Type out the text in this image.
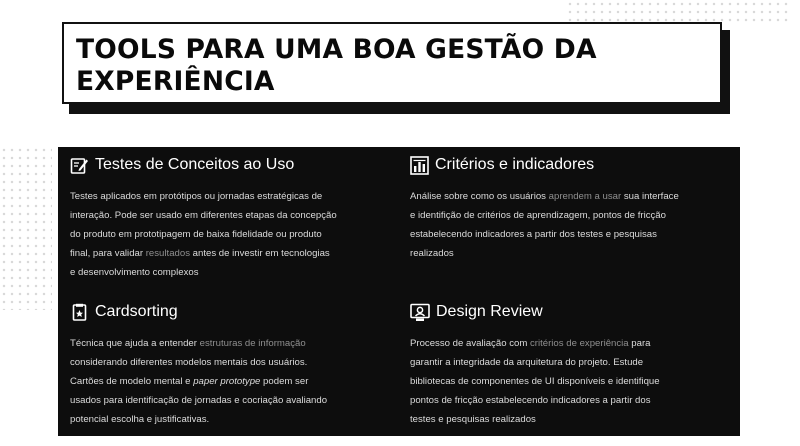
TOOLS PARA UMA BOA GESTÃO DA EXPERIÊNCIA
Testes de Conceitos ao Uso
Testes aplicados em protótipos ou jornadas estratégicas de
interação. Pode ser usado em diferentes etapas da concepção
do produto em prototipagem de baixa fidelidade ou produto
final, para validar resultados antes de investir em tecnologias
e desenvolvimento complexos
Critérios e indicadores
Análise sobre como os usuários aprendem a usar sua interface
e identifição de critérios de aprendizagem, pontos de fricção
estabelecendo indicadores a partir dos testes e pesquisas
realizados
Cardsorting
Técnica que ajuda a entender estruturas de informação
considerando diferentes modelos mentais dos usuários.
Cartões de modelo mental e paper prototype podem ser
usados para identificação de jornadas e cocriação avaliando
potencial escolha e justificativas.
Design Review
Processo de avaliação com critérios de experiência para
garantir a integridade da arquitetura do projeto. Estude
bibliotecas de componentes de UI disponíveis e identifique
pontos de fricção estabelecendo indicadores a partir dos
testes e pesquisas realizados
